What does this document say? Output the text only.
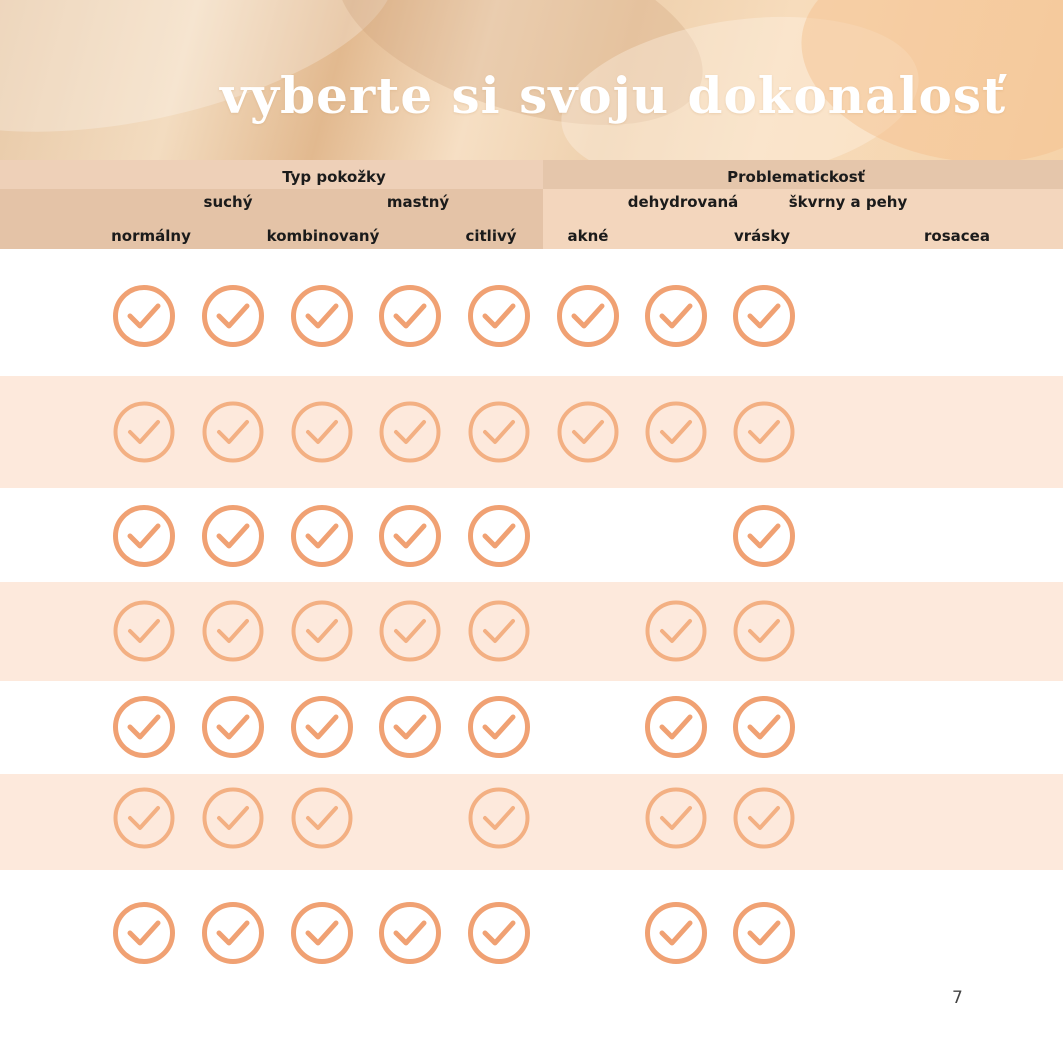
vyberte si svoju dokonalosť
Typ pokožky	Problematickosť
normálny
suchý
kombinovaný
mastný
citlivý	akné
dehydrovaná
vrásky
škvrny a pehy
rosacea
7
